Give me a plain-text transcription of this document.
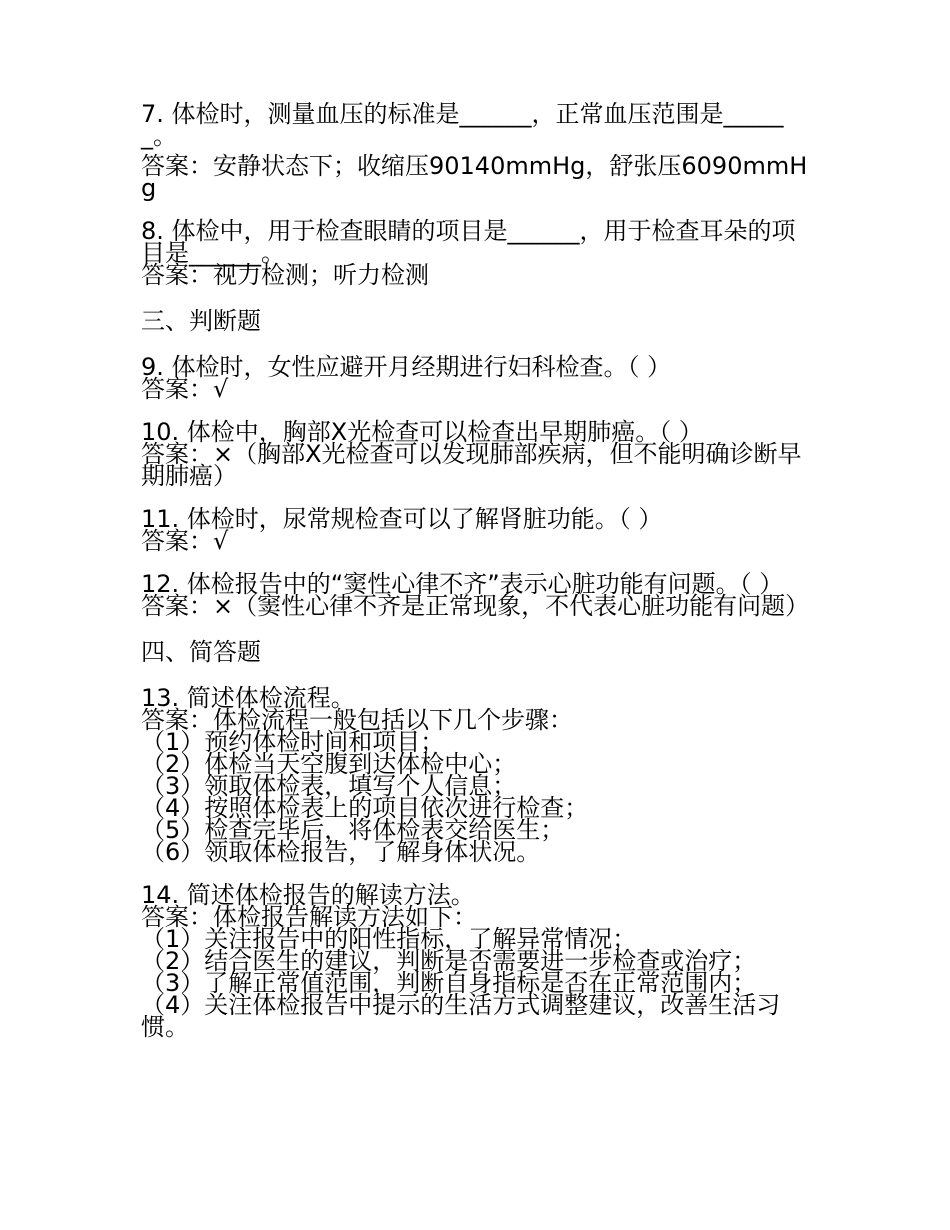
7. 体检时，测量血压的标准是______，正常血压范围是______。
答案：安静状态下；收缩压90140mmHg，舒张压6090mmHg
8. 体检中，用于检查眼睛的项目是______，用于检查耳朵的项目是______。
答案：视力检测；听力检测
三、判断题
9. 体检时，女性应避开月经期进行妇科检查。（ ）
答案：√
10. 体检中，胸部X光检查可以检查出早期肺癌。（ ）
答案：×（胸部X光检查可以发现肺部疾病，但不能明确诊断早期肺癌）
11. 体检时，尿常规检查可以了解肾脏功能。（ ）
答案：√
12. 体检报告中的“窦性心律不齐”表示心脏功能有问题。（ ）
答案：×（窦性心律不齐是正常现象，不代表心脏功能有问题）
四、简答题
13. 简述体检流程。
答案：体检流程一般包括以下几个步骤：
（1）预约体检时间和项目；
（2）体检当天空腹到达体检中心；
（3）领取体检表，填写个人信息；
（4）按照体检表上的项目依次进行检查；
（5）检查完毕后，将体检表交给医生；
（6）领取体检报告，了解身体状况。
14. 简述体检报告的解读方法。
答案：体检报告解读方法如下：
（1）关注报告中的阳性指标，了解异常情况；
（2）结合医生的建议，判断是否需要进一步检查或治疗；
（3）了解正常值范围，判断自身指标是否在正常范围内；
（4）关注体检报告中提示的生活方式调整建议，改善生活习惯。
